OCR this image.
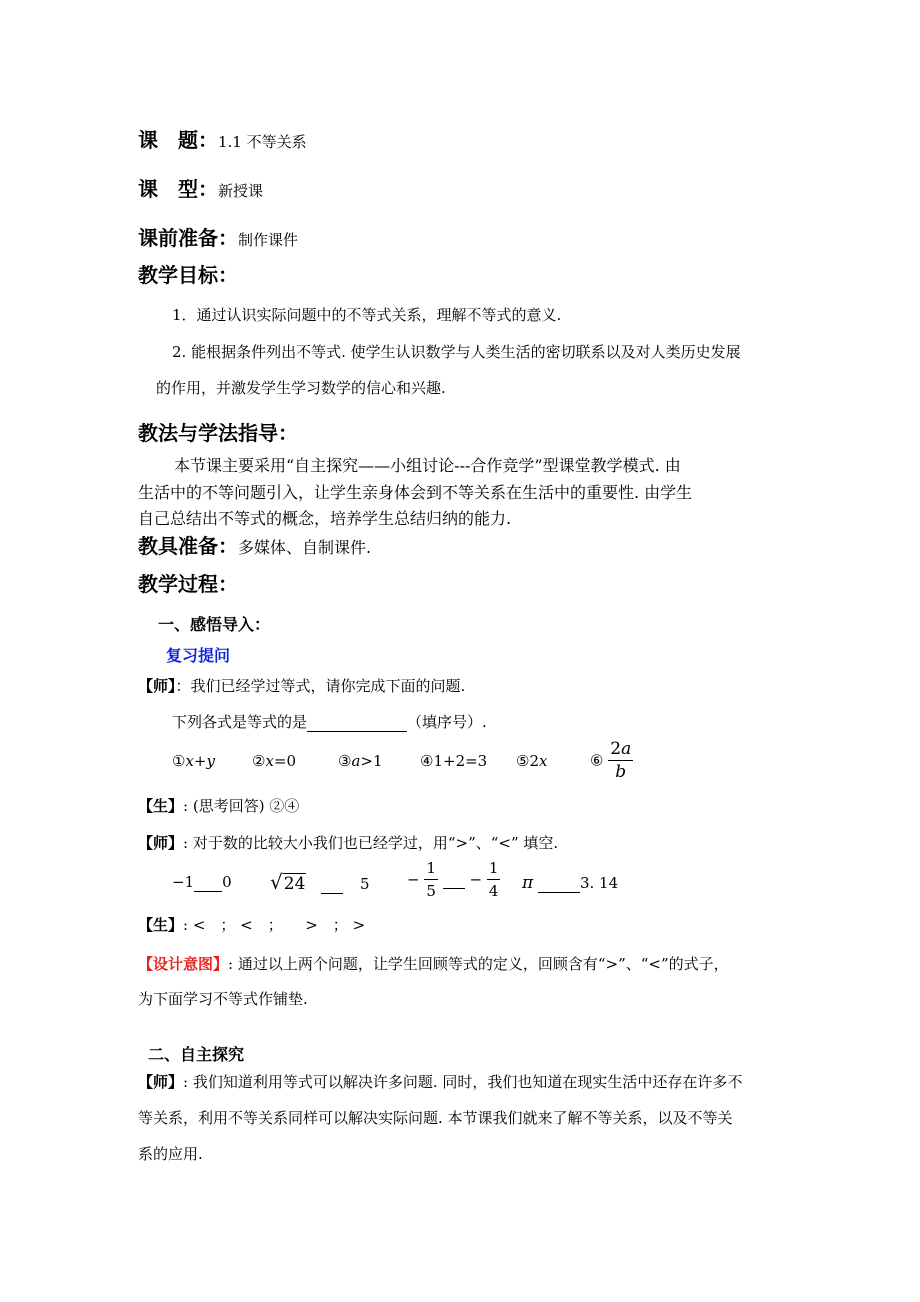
课　题：1.1 不等关系
课　型：新授课
课前准备：制作课件
教学目标：
1．通过认识实际问题中的不等式关系，理解不等式的意义.
2. 能根据条件列出不等式. 使学生认识数学与人类生活的密切联系以及对人类历史发展
的作用，并激发学生学习数学的信心和兴趣.
教法与学法指导：
本节课主要采用“自主探究——小组讨论---合作竞学”型课堂教学模式. 由
生活中的不等问题引入，让学生亲身体会到不等关系在生活中的重要性. 由学生
自己总结出不等式的概念，培养学生总结归纳的能力.
教具准备：多媒体、自制课件.
教学过程：
一、感悟导入：
复习提问
【师】：我们已经学过等式，请你完成下面的问题.
下列各式是等式的是	（填序号）.
①x+y ②x=0	③a>1 ④1+2=3 ⑤2x	⑥ $\frac{2a}{b}$
【生】: (思考回答) ②④
【师】: 对于数的比较大小我们也已经学过，用“>”、“<” 填空.
−1 0 √24	5	− $\frac{1}{5} - \frac{1}{4}$ π	3. 14
【生】: <　； <　；　　>　； >
【设计意图】: 通过以上两个问题，让学生回顾等式的定义，回顾含有“>”、“<”的式子，
为下面学习不等式作铺垫.
二、自主探究
【师】: 我们知道利用等式可以解决许多问题. 同时，我们也知道在现实生活中还存在许多不
等关系，利用不等关系同样可以解决实际问题. 本节课我们就来了解不等关系，以及不等关
系的应用.
